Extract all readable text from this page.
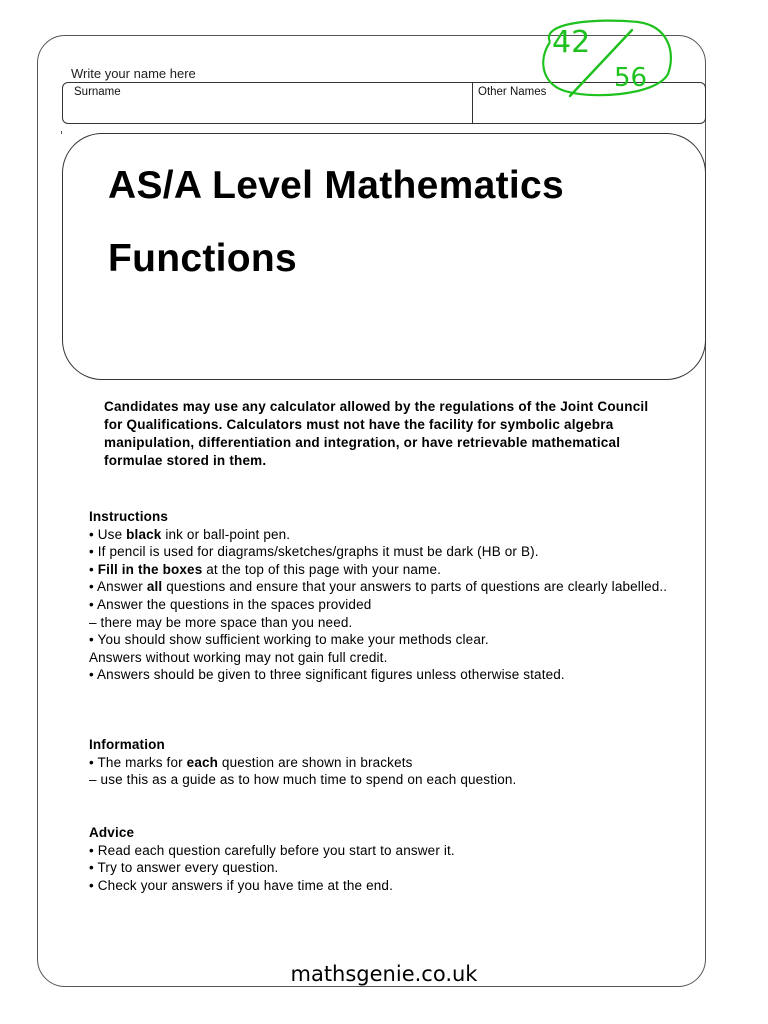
Write your name here
Surname	Other Names
AS/A Level Mathematics
Functions
42
56
Candidates may use any calculator allowed by the regulations of the Joint Council for Qualifications. Calculators must not have the facility for symbolic algebra manipulation, differentiation and integration, or have retrievable mathematical formulae stored in them.

Instructions

• Use black ink or ball-point pen.

• If pencil is used for diagrams/sketches/graphs it must be dark (HB or B).

• Fill in the boxes at the top of this page with your name.

• Answer all questions and ensure that your answers to parts of questions are clearly labelled..

• Answer the questions in the spaces provided

– there may be more space than you need.

• You should show sufficient working to make your methods clear.

Answers without working may not gain full credit.

• Answers should be given to three significant figures unless otherwise stated.

Information

• The marks for each question are shown in brackets

– use this as a guide as to how much time to spend on each question.

Advice

• Read each question carefully before you start to answer it.

• Try to answer every question.

• Check your answers if you have time at the end.

mathsgenie.co.uk
